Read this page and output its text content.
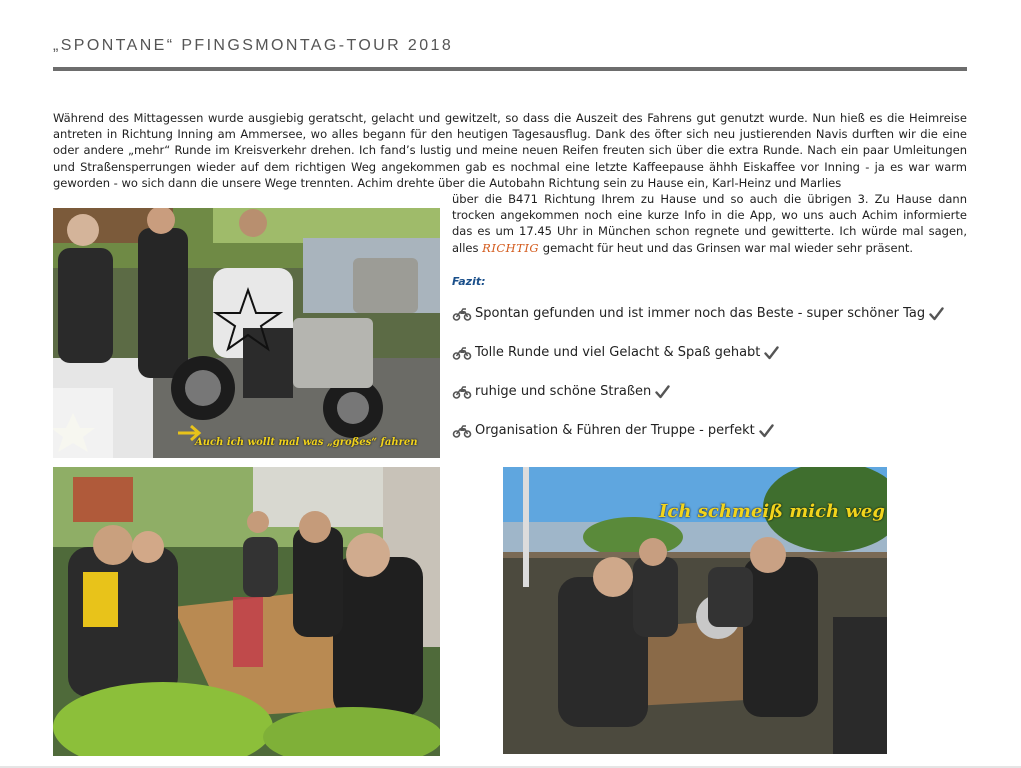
„SPONTANE“ PFINGSMONTAG-TOUR 2018
Während des Mittagessen wurde ausgiebig geratscht, gelacht und gewitzelt, so dass die Auszeit des Fahrens gut genutzt wurde. Nun hieß es die Heimreise antreten in Richtung Inning am Ammersee, wo alles begann für den heutigen Tagesausflug. Dank des öfter sich neu justierenden Navis durften wir die eine oder andere „mehr“ Runde im Kreisverkehr drehen. Ich fand’s lustig und meine neuen Reifen freuten sich über die extra Runde. Nach ein paar Umleitungen und Straßensperrungen wieder auf dem richtigen Weg angekommen gab es nochmal eine letzte Kaffeepause ähhh Eiskaffee vor Inning - ja es war warm geworden - wo sich dann die unsere Wege trennten. Achim drehte über die Autobahn Richtung sein zu Hause ein, Karl-Heinz und Marlies
über die B471 Richtung Ihrem zu Hause und so auch die übrigen 3. Zu Hause dann trocken angekommen noch eine kurze Info in die App, wo uns auch Achim informierte das es um 17.45 Uhr in München schon regnete und gewitterte. Ich würde mal sagen, alles RICHTIG gemacht für heut und das Grinsen war mal wieder sehr präsent.
Fazit:
Spontan gefunden und ist immer noch das Beste - super schöner Tag
Tolle Runde und viel Gelacht & Spaß gehabt
ruhige und schöne Straßen
Organisation & Führen der Truppe - perfekt
Auch ich wollt mal was „großes“ fahren
Ich schmeiß mich weg
